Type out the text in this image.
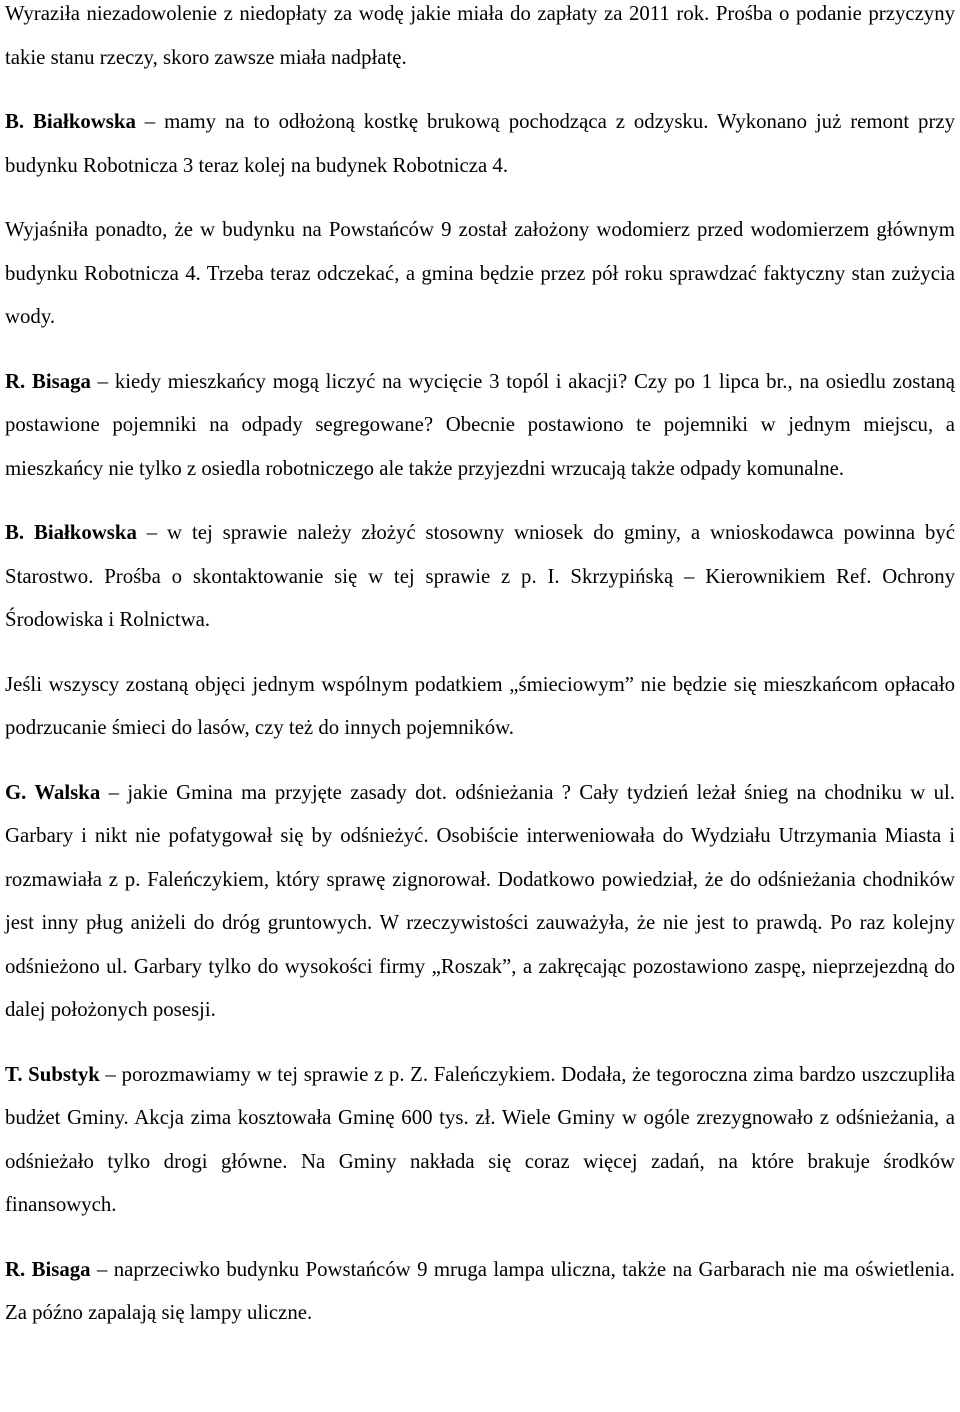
Wyraziła niezadowolenie z niedopłaty za wodę jakie miała do zapłaty za 2011 rok. Prośba o podanie przyczyny takie stanu rzeczy, skoro zawsze miała nadpłatę.

B. Białkowska – mamy na to odłożoną kostkę brukową pochodząca z odzysku. Wykonano już remont przy budynku Robotnicza 3 teraz kolej na budynek Robotnicza 4.

Wyjaśniła ponadto, że w budynku na Powstańców 9 został założony wodomierz przed wodomierzem głównym budynku Robotnicza 4. Trzeba teraz odczekać, a gmina będzie przez pół roku sprawdzać faktyczny stan zużycia wody.

R. Bisaga – kiedy mieszkańcy mogą liczyć na wycięcie 3 topól i akacji? Czy po 1 lipca br., na osiedlu zostaną postawione pojemniki na odpady segregowane? Obecnie postawiono te pojemniki w jednym miejscu, a mieszkańcy nie tylko z osiedla robotniczego ale także przyjezdni wrzucają także odpady komunalne.

B. Białkowska – w tej sprawie należy złożyć stosowny wniosek do gminy, a wnioskodawca powinna być Starostwo. Prośba o skontaktowanie się w tej sprawie z p. I. Skrzypińską – Kierownikiem Ref. Ochrony Środowiska i Rolnictwa.

Jeśli wszyscy zostaną objęci jednym wspólnym podatkiem „śmieciowym” nie będzie się mieszkańcom opłacało podrzucanie śmieci do lasów, czy też do innych pojemników.

G. Walska – jakie Gmina ma przyjęte zasady dot. odśnieżania ? Cały tydzień leżał śnieg na chodniku w ul. Garbary i nikt nie pofatygował się by odśnieżyć. Osobiście interweniowała do Wydziału Utrzymania Miasta i rozmawiała z p. Faleńczykiem, który sprawę zignorował. Dodatkowo powiedział, że do odśnieżania chodników jest inny pług aniżeli do dróg gruntowych. W rzeczywistości zauważyła, że nie jest to prawdą. Po raz kolejny odśnieżono ul. Garbary tylko do wysokości firmy „Roszak”, a zakręcając pozostawiono zaspę, nieprzejezdną do dalej położonych posesji.

T. Substyk – porozmawiamy w tej sprawie z p. Z. Faleńczykiem. Dodała, że tegoroczna zima bardzo uszczupliła budżet Gminy. Akcja zima kosztowała Gminę 600 tys. zł. Wiele Gminy w ogóle zrezygnowało z odśnieżania, a odśnieżało tylko drogi główne. Na Gminy nakłada się coraz więcej zadań, na które brakuje środków finansowych.

R. Bisaga – naprzeciwko budynku Powstańców 9 mruga lampa uliczna, także na Garbarach nie ma oświetlenia. Za późno zapalają się lampy uliczne.
